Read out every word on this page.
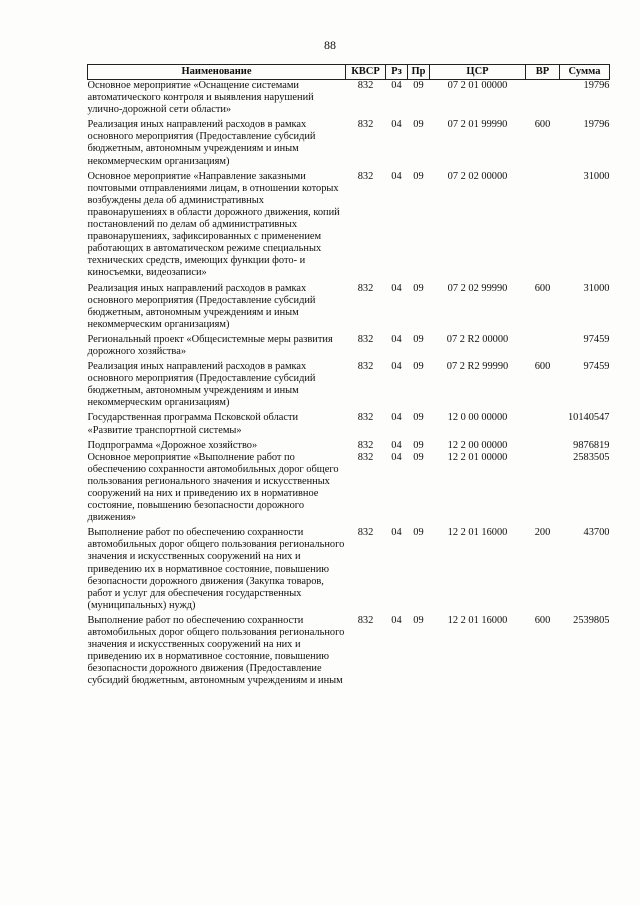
88
Наименование	КВСР	Рз	Пр	ЦСР	ВР	Сумма
Основное мероприятие «Оснащение системами автоматического контроля и выявления нарушений улично-дорожной сети области»	832	04	09	07 2 01 00000		19796
Реализация иных направлений расходов в рамках основного мероприятия (Предоставление субсидий бюджетным, автономным учреждениям и иным некоммерческим организациям)	832	04	09	07 2 01 99990	600	19796
Основное мероприятие «Направление заказными почтовыми отправлениями лицам, в отношении которых возбуждены дела об административных правонарушениях в области дорожного движения, копий постановлений по делам об административных правонарушениях, зафиксированных с применением работающих в автоматическом режиме специальных технических средств, имеющих функции фото- и киносъемки, видеозаписи»	832	04	09	07 2 02 00000		31000
Реализация иных направлений расходов в рамках основного мероприятия (Предоставление субсидий бюджетным, автономным учреждениям и иным некоммерческим организациям)	832	04	09	07 2 02 99990	600	31000
Региональный проект «Общесистемные меры развития дорожного хозяйства»	832	04	09	07 2 R2 00000		97459
Реализация иных направлений расходов в рамках основного мероприятия (Предоставление субсидий бюджетным, автономным учреждениям и иным некоммерческим организациям)	832	04	09	07 2 R2 99990	600	97459
Государственная программа Псковской области «Развитие транспортной системы»	832	04	09	12 0 00 00000		10140547
Подпрограмма «Дорожное хозяйство»	832	04	09	12 2 00 00000		9876819
Основное мероприятие «Выполнение работ по обеспечению сохранности автомобильных дорог общего пользования регионального значения и искусственных сооружений на них и приведению их в нормативное состояние, повышению безопасности дорожного движения»	832	04	09	12 2 01 00000		2583505
Выполнение работ по обеспечению сохранности автомобильных дорог общего пользования регионального значения и искусственных сооружений на них и приведению их в нормативное состояние, повышению безопасности дорожного движения (Закупка товаров, работ и услуг для обеспечения государственных (муниципальных) нужд)	832	04	09	12 2 01 16000	200	43700
Выполнение работ по обеспечению сохранности автомобильных дорог общего пользования регионального значения и искусственных сооружений на них и приведению их в нормативное состояние, повышению безопасности дорожного движения (Предоставление субсидий бюджетным, автономным учреждениям и иным	832	04	09	12 2 01 16000	600	2539805
